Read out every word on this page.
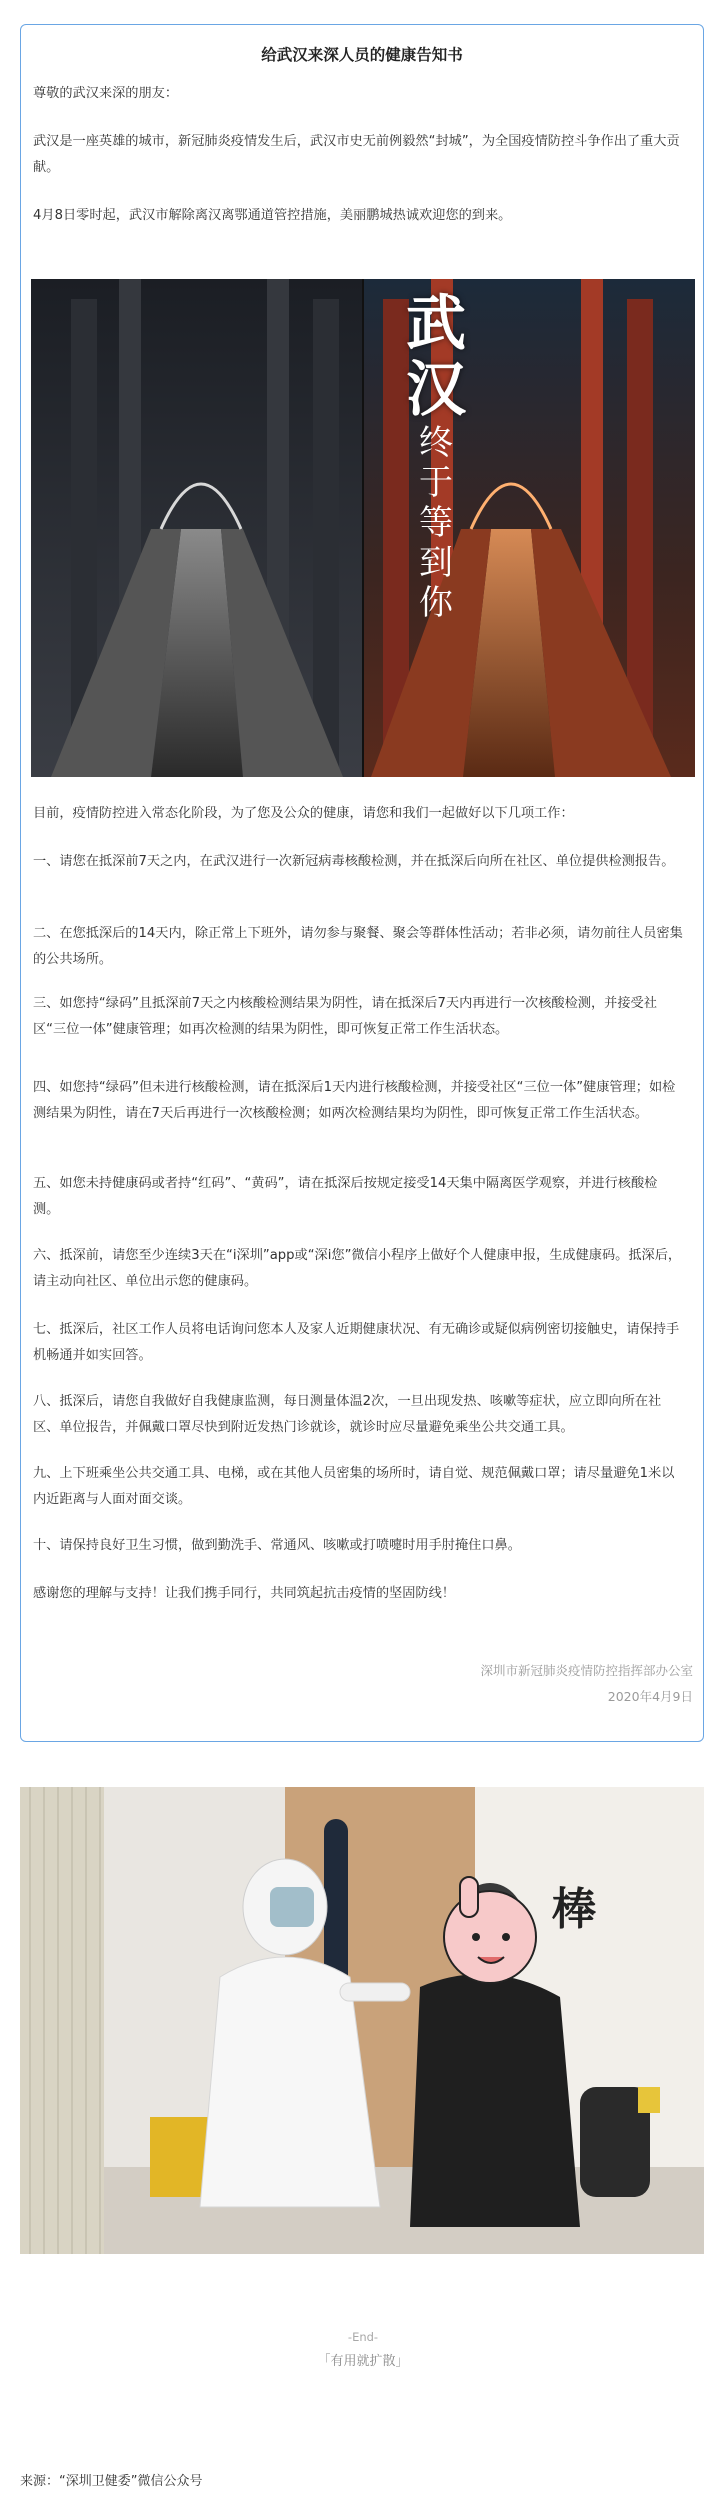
给武汉来深人员的健康告知书

尊敬的武汉来深的朋友：

武汉是一座英雄的城市，新冠肺炎疫情发生后，武汉市史无前例毅然“封城”，为全国疫情防控斗争作出了重大贡献。

4月8日零时起，武汉市解除离汉离鄂通道管控措施，美丽鹏城热诚欢迎您的到来。

武
汉
终
于
等
到
你

目前，疫情防控进入常态化阶段，为了您及公众的健康，请您和我们一起做好以下几项工作：

一、请您在抵深前7天之内，在武汉进行一次新冠病毒核酸检测，并在抵深后向所在社区、单位提供检测报告。

二、在您抵深后的14天内，除正常上下班外，请勿参与聚餐、聚会等群体性活动；若非必须，请勿前往人员密集的公共场所。

三、如您持“绿码”且抵深前7天之内核酸检测结果为阴性，请在抵深后7天内再进行一次核酸检测，并接受社区“三位一体”健康管理；如再次检测的结果为阴性，即可恢复正常工作生活状态。

四、如您持“绿码”但未进行核酸检测，请在抵深后1天内进行核酸检测，并接受社区“三位一体”健康管理；如检测结果为阴性，请在7天后再进行一次核酸检测；如两次检测结果均为阴性，即可恢复正常工作生活状态。

五、如您未持健康码或者持“红码”、“黄码”，请在抵深后按规定接受14天集中隔离医学观察，并进行核酸检测。

六、抵深前，请您至少连续3天在“i深圳”app或“深i您”微信小程序上做好个人健康申报，生成健康码。抵深后，请主动向社区、单位出示您的健康码。

七、抵深后，社区工作人员将电话询问您本人及家人近期健康状况、有无确诊或疑似病例密切接触史，请保持手机畅通并如实回答。

八、抵深后，请您自我做好自我健康监测，每日测量体温2次，一旦出现发热、咳嗽等症状，应立即向所在社区、单位报告，并佩戴口罩尽快到附近发热门诊就诊，就诊时应尽量避免乘坐公共交通工具。

九、上下班乘坐公共交通工具、电梯，或在其他人员密集的场所时，请自觉、规范佩戴口罩；请尽量避免1米以内近距离与人面对面交谈。

十、请保持良好卫生习惯，做到勤洗手、常通风、咳嗽或打喷嚏时用手肘掩住口鼻。

感谢您的理解与支持！让我们携手同行，共同筑起抗击疫情的坚固防线！

深圳市新冠肺炎疫情防控指挥部办公室
2020年4月9日
棒
-End-
「有用就扩散」
来源：“深圳卫健委”微信公众号
